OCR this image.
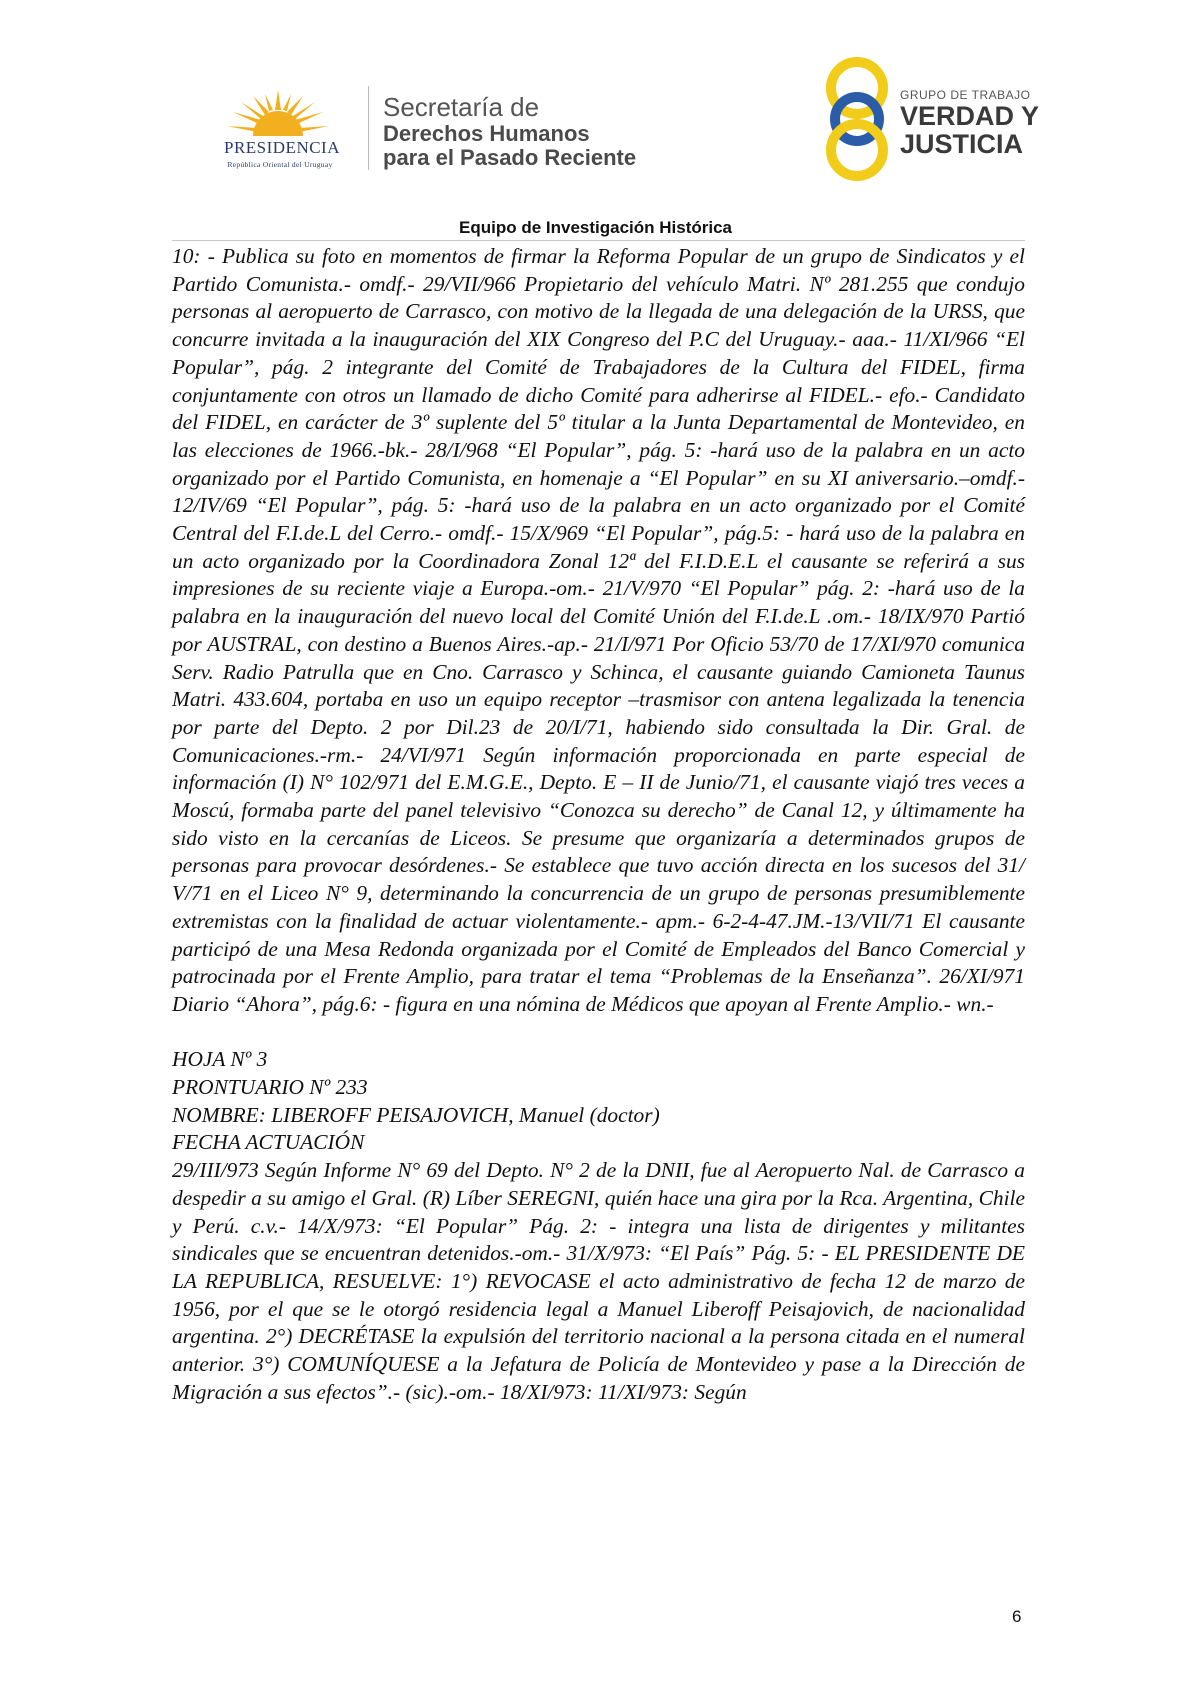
PRESIDENCIA
República Oriental del Uruguay
Secretaría de
Derechos Humanos
para el Pasado Reciente
GRUPO DE TRABAJO
VERDAD Y
JUSTICIA
Equipo de Investigación Histórica

10: - Publica su foto en momentos de firmar la Reforma Popular de un grupo de Sindicatos y el Partido Comunista.- omdf.- 29/VII/966 Propietario del vehículo Matri. Nº 281.255 que condujo personas al aeropuerto de Carrasco, con motivo de la llegada de una delegación de la URSS, que concurre invitada a la inauguración del XIX Congreso del P.C del Uruguay.- aaa.- 11/XI/966 “El Popular”, pág. 2 integrante del Comité de Trabajadores de la Cultura del FIDEL, firma conjuntamente con otros un llamado de dicho Comité para adherirse al FIDEL.- efo.- Candidato del FIDEL, en carácter de 3º suplente del 5º titular a la Junta Departamental de Montevideo, en las elecciones de 1966.-bk.- 28/I/968 “El Popular”, pág. 5: -hará uso de la palabra en un acto organizado por el Partido Comunista, en homenaje a “El Popular” en su XI aniversario.–omdf.- 12/IV/69 “El Popular”, pág. 5: -hará uso de la palabra en un acto organizado por el Comité Central del F.I.de.L del Cerro.- omdf.- 15/X/969 “El Popular”, pág.5: - hará uso de la palabra en un acto organizado por la Coordinadora Zonal 12ª del F.I.D.E.L el causante se referirá a sus impresiones de su reciente viaje a Europa.-om.- 21/V/970 “El Popular” pág. 2: -hará uso de la palabra en la inauguración del nuevo local del Comité Unión del F.I.de.L .om.- 18/IX/970 Partió por AUSTRAL, con destino a Buenos Aires.-ap.- 21/I/971 Por Oficio 53/70 de 17/XI/970 comunica Serv. Radio Patrulla que en Cno. Carrasco y Schinca, el causante guiando Camioneta Taunus Matri. 433.604, portaba en uso un equipo receptor –trasmisor con antena legalizada la tenencia por parte del Depto. 2 por Dil.23 de 20/I/71, habiendo sido consultada la Dir. Gral. de Comunicaciones.-rm.- 24/VI/971 Según información proporcionada en parte especial de información (I) N° 102/971 del E.M.G.E., Depto. E – II de Junio/71, el causante viajó tres veces a Moscú, formaba parte del panel televisivo “Conozca su derecho” de Canal 12, y últimamente ha sido visto en la cercanías de Liceos. Se presume que organizaría a determinados grupos de personas para provocar desórdenes.- Se establece que tuvo acción directa en los sucesos del 31/ V/71 en el Liceo N° 9, determinando la concurrencia de un grupo de personas presumiblemente extremistas con la finalidad de actuar violentamente.- apm.- 6-2-4-47.JM.-13/VII/71 El causante participó de una Mesa Redonda organizada por el Comité de Empleados del Banco Comercial y patrocinada por el Frente Amplio, para tratar el tema “Problemas de la Enseñanza”. 26/XI/971 Diario “Ahora”, pág.6: - figura en una nómina de Médicos que apoyan al Frente Amplio.- wn.-

HOJA Nº 3

PRONTUARIO Nº 233

NOMBRE: LIBEROFF PEISAJOVICH, Manuel (doctor)

FECHA ACTUACIÓN

29/III/973 Según Informe N° 69 del Depto. N° 2 de la DNII, fue al Aeropuerto Nal. de Carrasco a despedir a su amigo el Gral. (R) Líber SEREGNI, quién hace una gira por la Rca. Argentina, Chile y Perú. c.v.- 14/X/973: “El Popular” Pág. 2: - integra una lista de dirigentes y militantes sindicales que se encuentran detenidos.-om.- 31/X/973: “El País” Pág. 5: - EL PRESIDENTE DE LA REPUBLICA, RESUELVE: 1°) REVOCASE el acto administrativo de fecha 12 de marzo de 1956, por el que se le otorgó residencia legal a Manuel Liberoff Peisajovich, de nacionalidad argentina. 2°) DECRÉTASE la expulsión del territorio nacional a la persona citada en el numeral anterior. 3°) COMUNÍQUESE a la Jefatura de Policía de Montevideo y pase a la Dirección de Migración a sus efectos”.- (sic).-om.- 18/XI/973: 11/XI/973: Según

6
